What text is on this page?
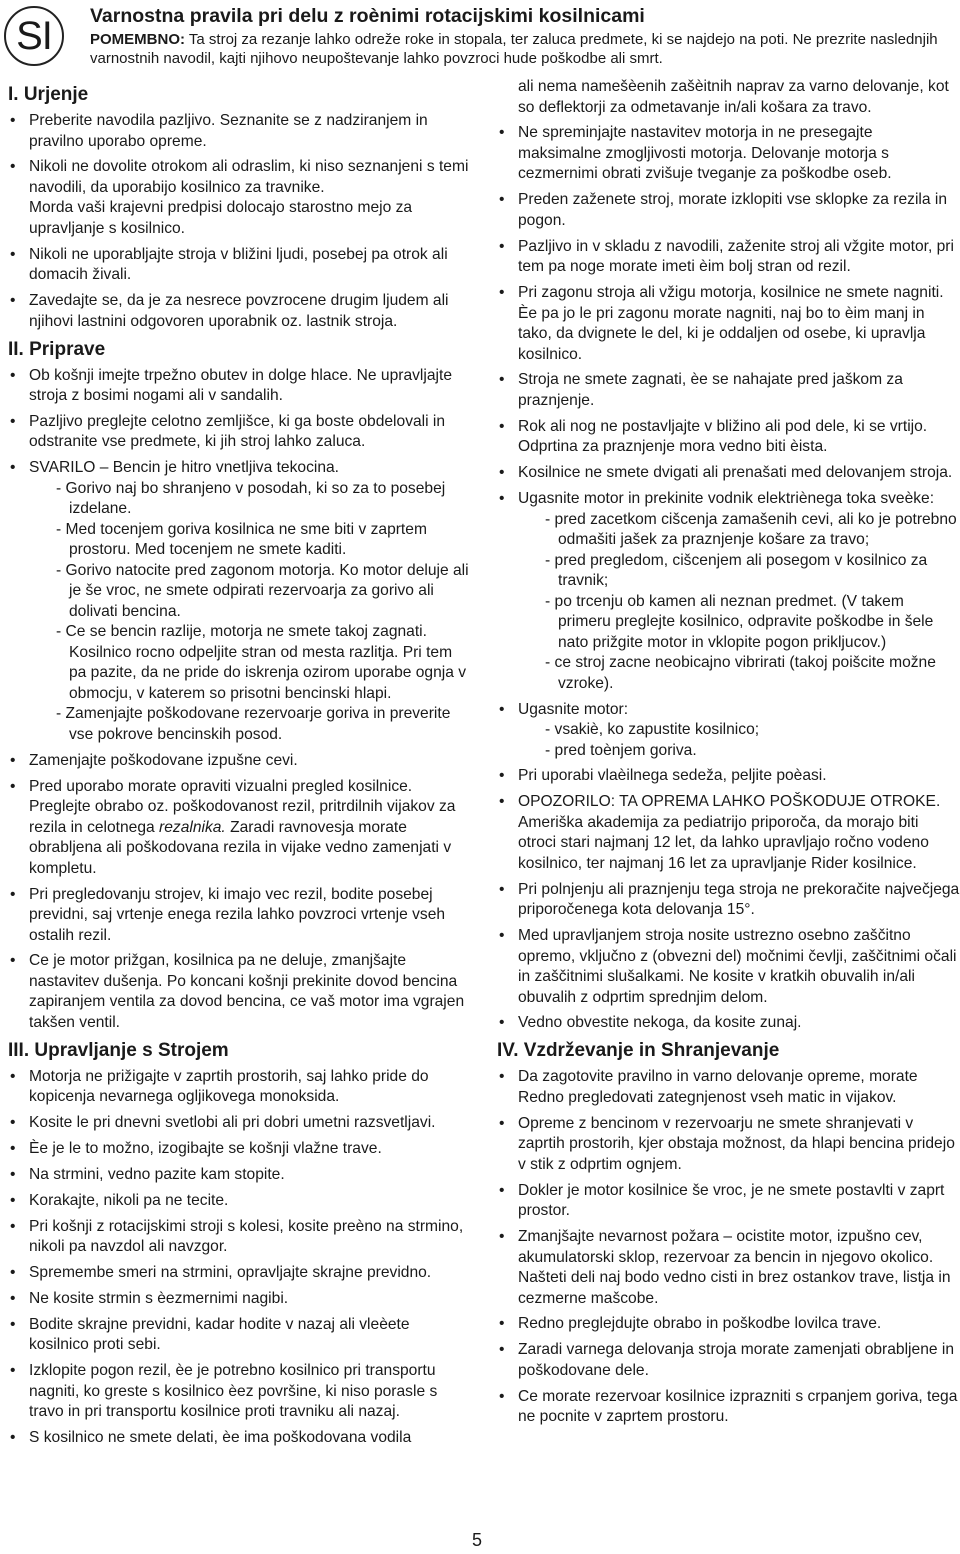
SI	Varnostna pravila pri delu z roènimi rotacijskimi kosilnicami
POMEMBNO: Ta stroj za rezanje lahko odreže roke in stopala, ter zaluca predmete, ki se najdejo na poti. Ne prezrite naslednjih varnostnih navodil, kajti njihovo neupoštevanje lahko povzroci hude poškodbe ali smrt.
I. Urjenje
• Preberite navodila pazljivo. Seznanite se z nadziranjem in pravilno uporabo opreme.
• Nikoli ne dovolite otrokom ali odraslim, ki niso seznanjeni s temi navodili, da uporabijo kosilnico za travnike.
Morda vaši krajevni predpisi dolocajo starostno mejo za upravljanje s kosilnico.
• Nikoli ne uporabljajte stroja v bližini ljudi, posebej pa otrok ali domacih živali.
• Zavedajte se, da je za nesrece povzrocene drugim ljudem ali njihovi lastnini odgovoren uporabnik oz. lastnik stroja.
II. Priprave
• Ob košnji imejte trpežno obutev in dolge hlace. Ne upravljajte stroja z bosimi nogami ali v sandalih.
• Pazljivo preglejte celotno zemljišce, ki ga boste obdelovali in odstranite vse predmete, ki jih stroj lahko zaluca.
• SVARILO – Bencin je hitro vnetljiva tekocina.
- Gorivo naj bo shranjeno v posodah, ki so za to posebej izdelane.
- Med tocenjem goriva kosilnica ne sme biti v zaprtem prostoru. Med tocenjem ne smete kaditi.
- Gorivo natocite pred zagonom motorja. Ko motor deluje ali je še vroc, ne smete odpirati rezervoarja za gorivo ali dolivati bencina.
- Ce se bencin razlije, motorja ne smete takoj zagnati. Kosilnico rocno odpeljite stran od mesta razlitja. Pri tem pa pazite, da ne pride do iskrenja ozirom uporabe ognja v obmocju, v katerem so prisotni bencinski hlapi.
- Zamenjajte poškodovane rezervoarje goriva in preverite vse pokrove bencinskih posod.
• Zamenjajte poškodovane izpušne cevi.
• Pred uporabo morate opraviti vizualni pregled kosilnice. Preglejte obrabo oz. poškodovanost rezil, pritrdilnih vijakov za rezila in celotnega rezalnika. Zaradi ravnovesja morate obrabljena ali poškodovana rezila in vijake vedno zamenjati v kompletu.
• Pri pregledovanju strojev, ki imajo vec rezil, bodite posebej previdni, saj vrtenje enega rezila lahko povzroci vrtenje vseh ostalih rezil.
• Ce je motor prižgan, kosilnica pa ne deluje, zmanjšajte nastavitev dušenja. Po koncani košnji prekinite dovod bencina zapiranjem ventila za dovod bencina, ce vaš motor ima vgrajen takšen ventil.
III. Upravljanje s Strojem
• Motorja ne prižigajte v zaprtih prostorih, saj lahko pride do kopicenja nevarnega ogljikovega monoksida.
• Kosite le pri dnevni svetlobi ali pri dobri umetni razsvetljavi.
• Èe je le to možno, izogibajte se košnji vlažne trave.
• Na strmini, vedno pazite kam stopite.
• Korakajte, nikoli pa ne tecite.
• Pri košnji z rotacijskimi stroji s kolesi, kosite preèno na strmino, nikoli pa navzdol ali navzgor.
• Spremembe smeri na strmini, opravljajte skrajne previdno.
• Ne kosite strmin s èezmernimi nagibi.
• Bodite skrajne previdni, kadar hodite v nazaj ali vleèete kosilnico proti sebi.
• Izklopite pogon rezil, èe je potrebno kosilnico pri transportu nagniti, ko greste s kosilnico èez površine, ki niso porasle s travo in pri transportu kosilnice proti travniku ali nazaj.
• S kosilnico ne smete delati, èe ima poškodovana vodila
ali nema namešèenih zašèitnih naprav za varno delovanje, kot so deflektorji za odmetavanje in/ali košara za travo.
• Ne spreminjajte nastavitev motorja in ne presegajte maksimalne zmogljivosti motorja. Delovanje motorja s cezmernimi obrati zvišuje tveganje za poškodbe oseb.
• Preden zaženete stroj, morate izklopiti vse sklopke za rezila in pogon.
• Pazljivo in v skladu z navodili, zaženite stroj ali vžgite motor, pri tem pa noge morate imeti èim bolj stran od rezil.
• Pri zagonu stroja ali vžigu motorja, kosilnice ne smete nagniti. Èe pa jo le pri zagonu morate nagniti, naj bo to èim manj in tako, da dvignete le del, ki je oddaljen od osebe, ki upravlja kosilnico.
• Stroja ne smete zagnati, èe se nahajate pred jaškom za praznjenje.
• Rok ali nog ne postavljajte v bližino ali pod dele, ki se vrtijo. Odprtina za praznjenje mora vedno biti èista.
• Kosilnice ne smete dvigati ali prenašati med delovanjem stroja.
• Ugasnite motor in prekinite vodnik elektriènega toka sveèke:
- pred zacetkom cišcenja zamašenih cevi, ali ko je potrebno odmašiti jašek za praznjenje košare za travo;
- pred pregledom, cišcenjem ali posegom v kosilnico za travnik;
- po trcenju ob kamen ali neznan predmet. (V takem primeru preglejte kosilnico, odpravite poškodbe in šele nato prižgite motor in vklopite pogon prikljucov.)
- ce stroj zacne neobicajno vibrirati (takoj poišcite možne vzroke).
• Ugasnite motor:
- vsakiè, ko zapustite kosilnico;
- pred toènjem goriva.
• Pri uporabi vlaèilnega sedeža, peljite poèasi.
• OPOZORILO: TA OPREMA LAHKO POŠKODUJE OTROKE. Ameriška akademija za pediatrijo priporoča, da morajo biti otroci stari najmanj 12 let, da lahko upravljajo ročno vodeno kosilnico, ter najmanj 16 let za upravljanje Rider kosilnice.
• Pri polnjenju ali praznjenju tega stroja ne prekoračite največjega priporočenega kota delovanja 15°.
• Med upravljanjem stroja nosite ustrezno osebno zaščitno opremo, vključno z (obvezni del) močnimi čevlji, zaščitnimi očali in zaščitnimi slušalkami. Ne kosite v kratkih obuvalih in/ali obuvalih z odprtim sprednjim delom.
• Vedno obvestite nekoga, da kosite zunaj.
IV. Vzdrževanje in Shranjevanje
• Da zagotovite pravilno in varno delovanje opreme, morate Redno pregledovati zategnjenost vseh matic in vijakov.
• Opreme z bencinom v rezervoarju ne smete shranjevati v zaprtih prostorih, kjer obstaja možnost, da hlapi bencina pridejo v stik z odprtim ognjem.
• Dokler je motor kosilnice še vroc, je ne smete postavlti v zaprt prostor.
• Zmanjšajte nevarnost požara – ocistite motor, izpušno cev, akumulatorski sklop, rezervoar za bencin in njegovo okolico. Našteti deli naj bodo vedno cisti in brez ostankov trave, listja in cezmerne mašcobe.
• Redno preglejdujte obrabo in poškodbe lovilca trave.
• Zaradi varnega delovanja stroja morate zamenjati obrabljene in poškodovane dele.
• Ce morate rezervoar kosilnice izprazniti s crpanjem goriva, tega ne pocnite v zaprtem prostoru.
5
